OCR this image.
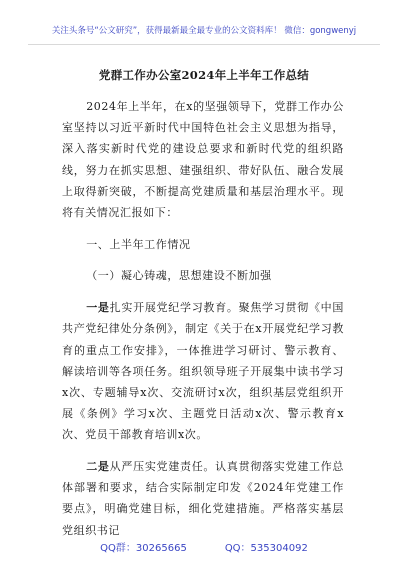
关注头条号“公文研究”，获得最新最全最专业的公文资料库！ 微信：gongwenyj
党群工作办公室2024年上半年工作总结

2024年上半年，在x的坚强领导下，党群工作办公室坚持以习近平新时代中国特色社会主义思想为指导，深入落实新时代党的建设总要求和新时代党的组织路线，努力在抓实思想、建强组织、带好队伍、融合发展上取得新突破，不断提高党建质量和基层治理水平。现将有关情况汇报如下：

一、上半年工作情况

（一）凝心铸魂，思想建设不断加强

一是扎实开展党纪学习教育。聚焦学习贯彻《中国共产党纪律处分条例》，制定《关于在x开展党纪学习教育的重点工作安排》，一体推进学习研讨、警示教育、解读培训等各项任务。组织领导班子开展集中读书学习x次、专题辅导x次、交流研讨x次，组织基层党组织开展《条例》学习x次、主题党日活动x次、警示教育x次、党员干部教育培训x次。

二是从严压实党建责任。认真贯彻落实党建工作总体部署和要求，结合实际制定印发《2024年党建工作要点》，明确党建目标，细化党建措施。严格落实基层党组织书记

QQ群：30265665	QQ：535304092
